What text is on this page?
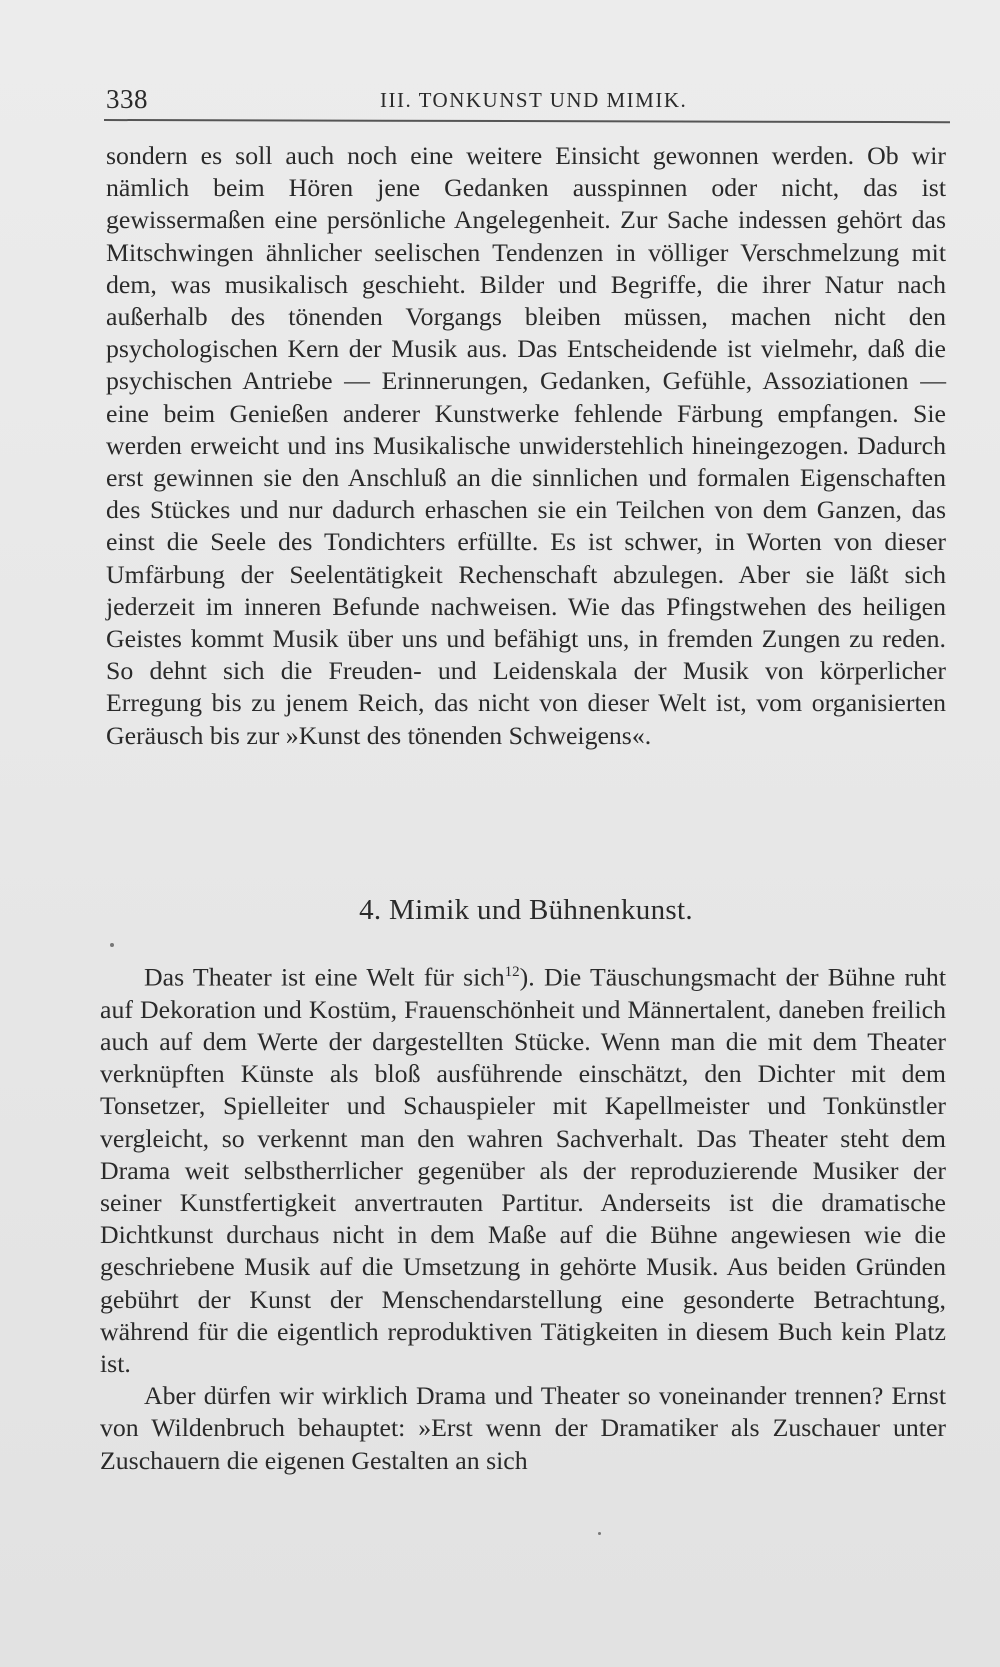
338	III. TONKUNST UND MIMIK.

sondern es soll auch noch eine weitere Einsicht gewonnen werden. Ob wir nämlich beim Hören jene Gedanken ausspinnen oder nicht, das ist gewissermaßen eine persönliche Angelegenheit. Zur Sache indessen gehört das Mitschwingen ähnlicher seelischen Tendenzen in völliger Verschmelzung mit dem, was musikalisch geschieht. Bilder und Begriffe, die ihrer Natur nach außerhalb des tönenden Vorgangs bleiben müssen, machen nicht den psychologischen Kern der Musik aus. Das Entscheidende ist vielmehr, daß die psychischen Antriebe — Erinnerungen, Gedanken, Gefühle, Assoziationen — eine beim Genießen anderer Kunstwerke fehlende Färbung empfangen. Sie werden erweicht und ins Musikalische unwiderstehlich hineingezogen. Dadurch erst gewinnen sie den Anschluß an die sinnlichen und formalen Eigenschaften des Stückes und nur dadurch erhaschen sie ein Teilchen von dem Ganzen, das einst die Seele des Tondichters erfüllte. Es ist schwer, in Worten von dieser Umfärbung der Seelentätigkeit Rechenschaft abzulegen. Aber sie läßt sich jederzeit im inneren Befunde nachweisen. Wie das Pfingstwehen des heiligen Geistes kommt Musik über uns und befähigt uns, in fremden Zungen zu reden. So dehnt sich die Freuden- und Leidenskala der Musik von körperlicher Erregung bis zu jenem Reich, das nicht von dieser Welt ist, vom organisierten Geräusch bis zur »Kunst des tönenden Schweigens«.

4. Mimik und Bühnenkunst.

Das Theater ist eine Welt für sich$^{12}$). Die Täuschungsmacht der Bühne ruht auf Dekoration und Kostüm, Frauenschönheit und Männertalent, daneben freilich auch auf dem Werte der dargestellten Stücke. Wenn man die mit dem Theater verknüpften Künste als bloß ausführende einschätzt, den Dichter mit dem Tonsetzer, Spielleiter und Schauspieler mit Kapellmeister und Tonkünstler vergleicht, so verkennt man den wahren Sachverhalt. Das Theater steht dem Drama weit selbstherrlicher gegenüber als der reproduzierende Musiker der seiner Kunstfertigkeit anvertrauten Partitur. Anderseits ist die dramatische Dichtkunst durchaus nicht in dem Maße auf die Bühne angewiesen wie die geschriebene Musik auf die Umsetzung in gehörte Musik. Aus beiden Gründen gebührt der Kunst der Menschendarstellung eine gesonderte Betrachtung, während für die eigentlich reproduktiven Tätigkeiten in diesem Buch kein Platz ist.

Aber dürfen wir wirklich Drama und Theater so voneinander trennen? Ernst von Wildenbruch behauptet: »Erst wenn der Dramatiker als Zuschauer unter Zuschauern die eigenen Gestalten an sich
